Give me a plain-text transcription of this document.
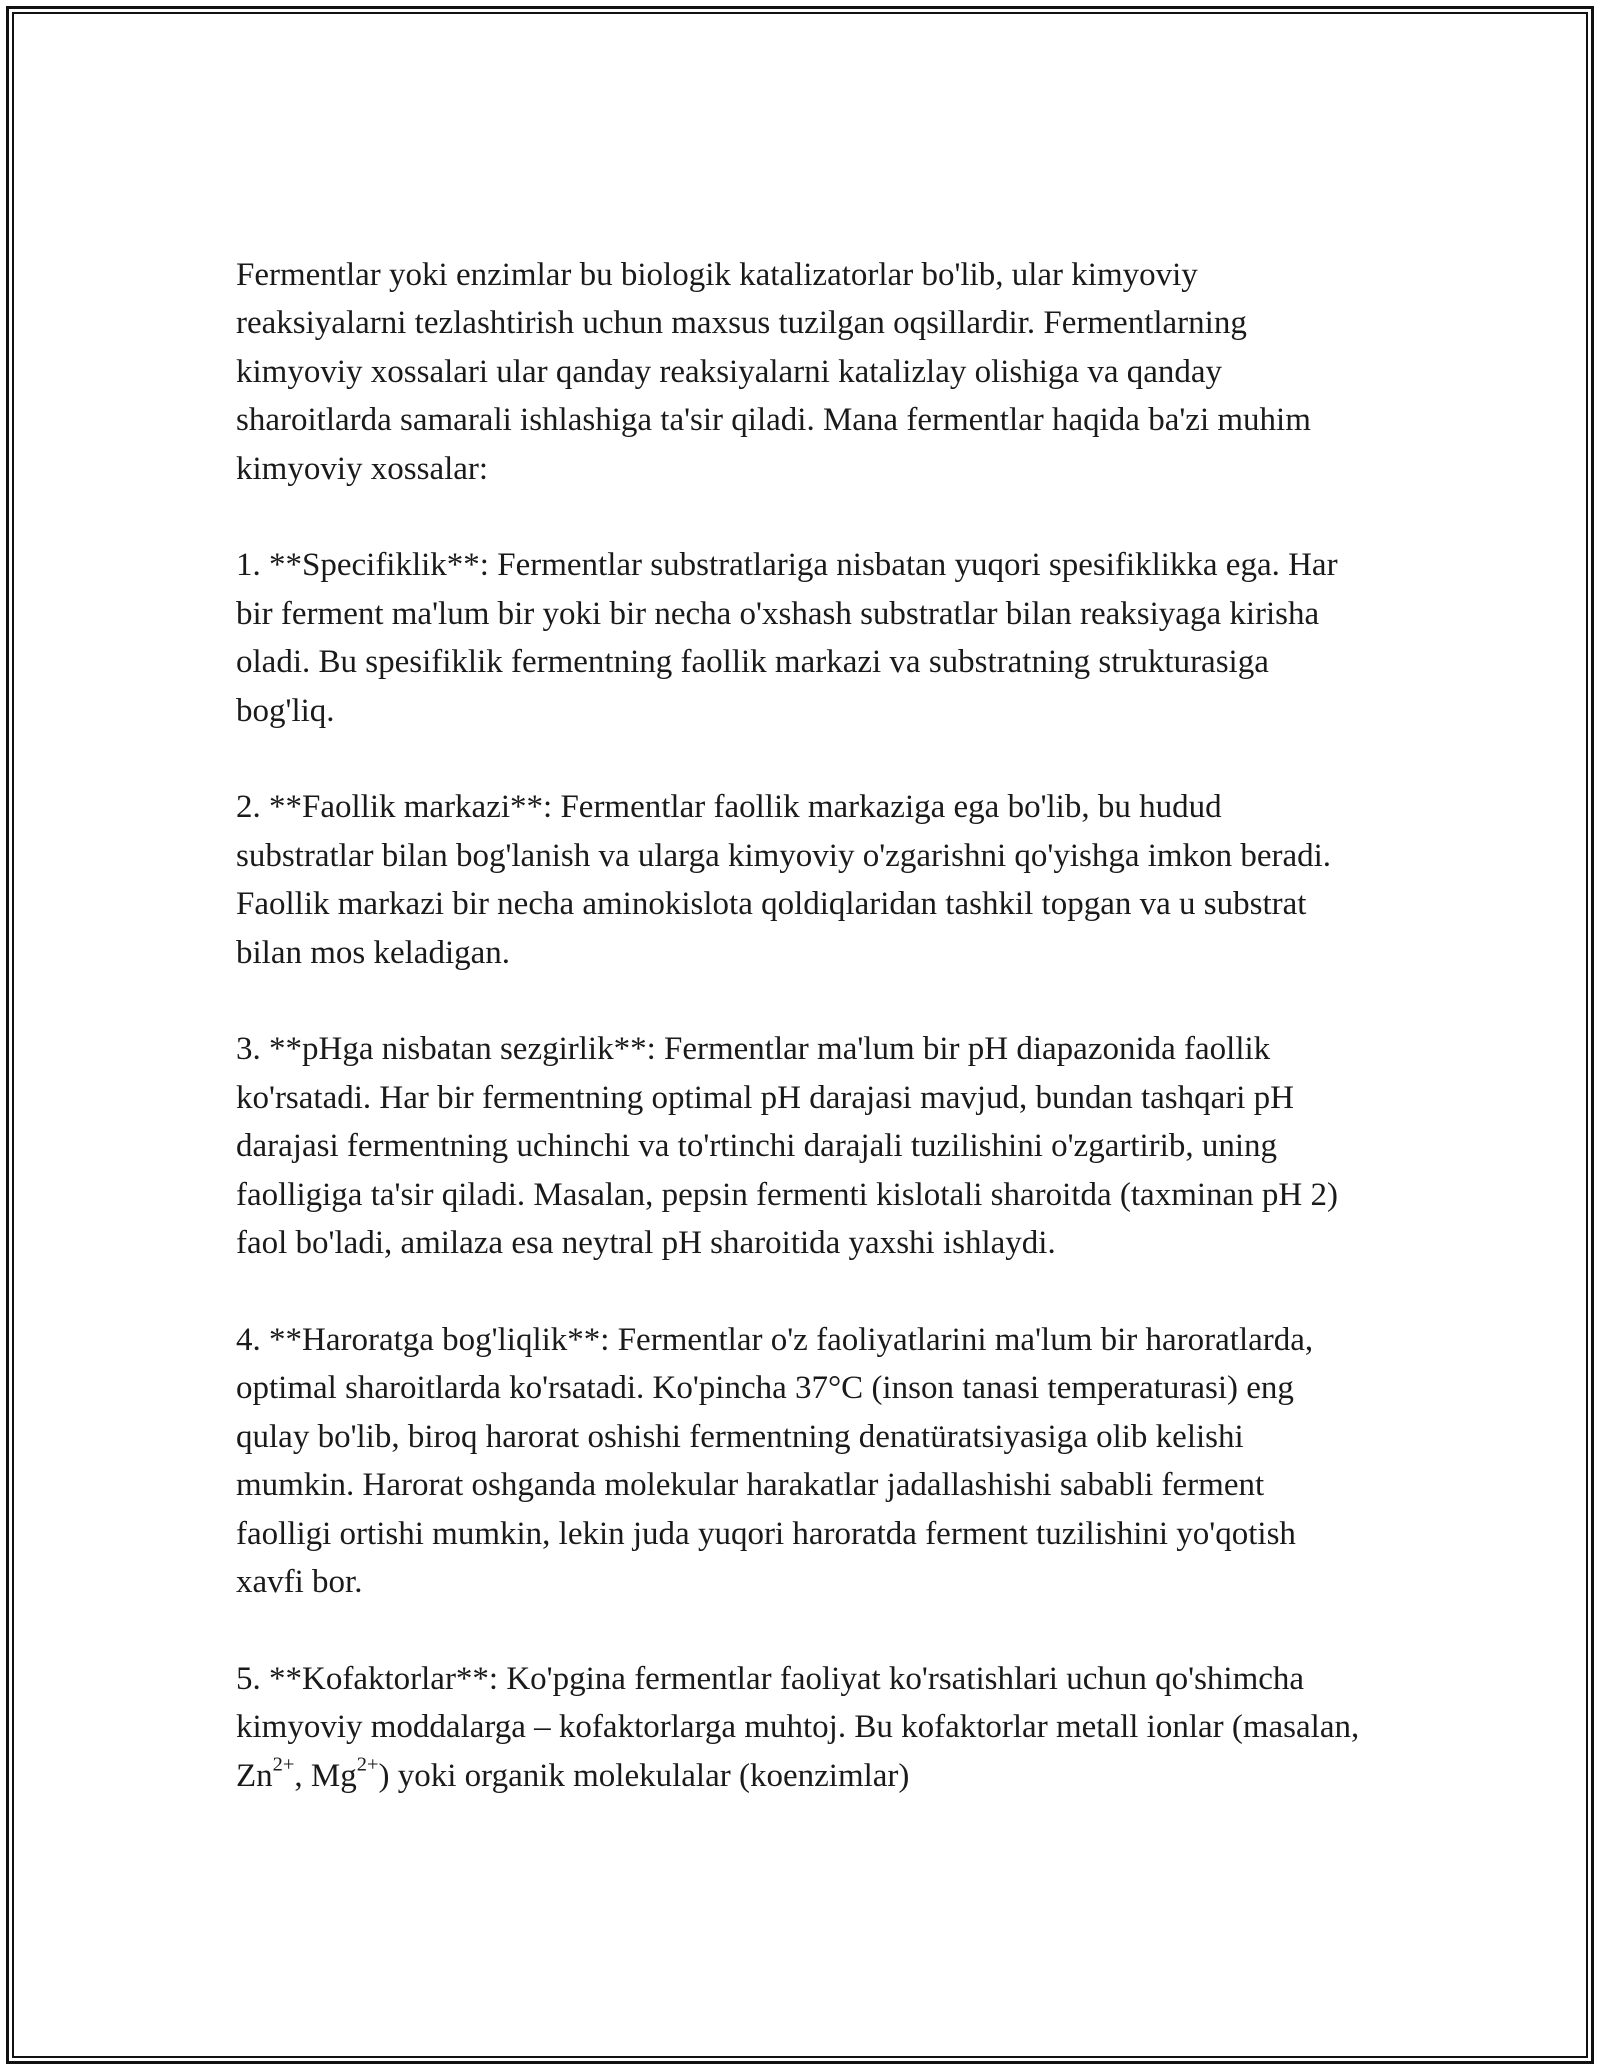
Fermentlar yoki enzimlar bu biologik katalizatorlar bo'lib, ular kimyoviy reaksiyalarni tezlashtirish uchun maxsus tuzilgan oqsillardir. Fermentlarning kimyoviy xossalari ular qanday reaksiyalarni katalizlay olishiga va qanday sharoitlarda samarali ishlashiga ta'sir qiladi. Mana fermentlar haqida ba'zi muhim kimyoviy xossalar:

1. **Specifiklik**: Fermentlar substratlariga nisbatan yuqori spesifiklikka ega. Har bir ferment ma'lum bir yoki bir necha o'xshash substratlar bilan reaksiyaga kirisha oladi. Bu spesifiklik fermentning faollik markazi va substratning strukturasiga bog'liq.

2. **Faollik markazi**: Fermentlar faollik markaziga ega bo'lib, bu hudud substratlar bilan bog'lanish va ularga kimyoviy o'zgarishni qo'yishga imkon beradi. Faollik markazi bir necha aminokislota qoldiqlaridan tashkil topgan va u substrat bilan mos keladigan.

3. **pHga nisbatan sezgirlik**: Fermentlar ma'lum bir pH diapazonida faollik ko'rsatadi. Har bir fermentning optimal pH darajasi mavjud, bundan tashqari pH darajasi fermentning uchinchi va to'rtinchi darajali tuzilishini o'zgartirib, uning faolligiga ta'sir qiladi. Masalan, pepsin fermenti kislotali sharoitda (taxminan pH 2) faol bo'ladi, amilaza esa neytral pH sharoitida yaxshi ishlaydi.

4. **Haroratga bog'liqlik**: Fermentlar o'z faoliyatlarini ma'lum bir haroratlarda, optimal sharoitlarda ko'rsatadi. Ko'pincha 37°C (inson tanasi temperaturasi) eng qulay bo'lib, biroq harorat oshishi fermentning denatüratsiyasiga olib kelishi mumkin. Harorat oshganda molekular harakatlar jadallashishi sababli ferment faolligi ortishi mumkin, lekin juda yuqori haroratda ferment tuzilishini yo'qotish xavfi bor.

5. **Kofaktorlar**: Ko'pgina fermentlar faoliyat ko'rsatishlari uchun qo'shimcha kimyoviy moddalarga – kofaktorlarga muhtoj. Bu kofaktorlar metall ionlar (masalan, $Zn^{2+}$, $Mg^{2+}$) yoki organik molekulalar (koenzimlar)
